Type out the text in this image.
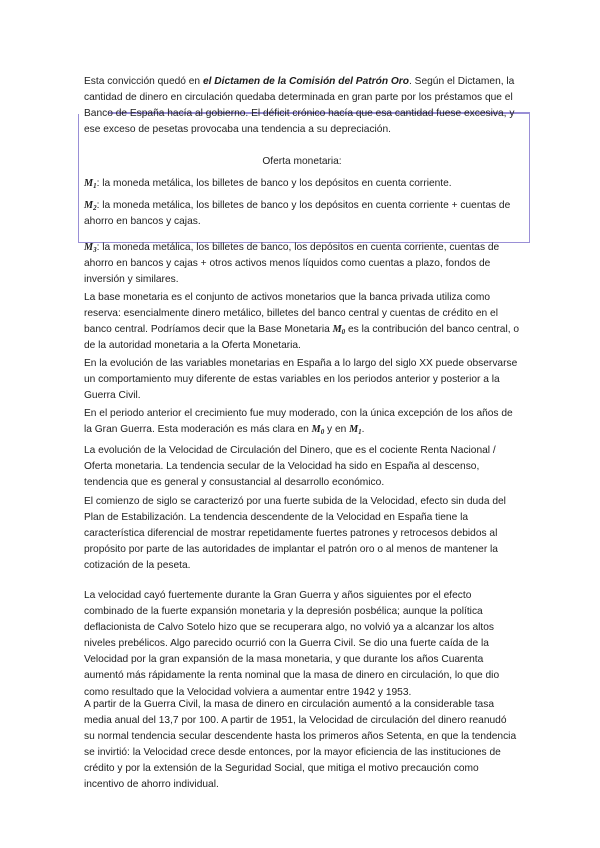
Esta convicción quedó en el Dictamen de la Comisión del Patrón Oro. Según el Dictamen, la cantidad de dinero en circulación quedaba determinada en gran parte por los préstamos que el Banco de España hacía al gobierno. El déficit crónico hacía que esa cantidad fuese excesiva, y ese exceso de pesetas provocaba una tendencia a su depreciación.

Oferta monetaria:

$M_1$: la moneda metálica, los billetes de banco y los depósitos en cuenta corriente.

$M_2$: la moneda metálica, los billetes de banco y los depósitos en cuenta corriente + cuentas de ahorro en bancos y cajas.

$M_3$: la moneda metálica, los billetes de banco, los depósitos en cuenta corriente, cuentas de ahorro en bancos y cajas + otros activos menos líquidos como cuentas a plazo, fondos de inversión y similares.

La base monetaria es el conjunto de activos monetarios que la banca privada utiliza como reserva: esencialmente dinero metálico, billetes del banco central y cuentas de crédito en el banco central. Podríamos decir que la Base Monetaria $M_0$ es la contribución del banco central, o de la autoridad monetaria a la Oferta Monetaria.

En la evolución de las variables monetarias en España a lo largo del siglo XX puede observarse un comportamiento muy diferente de estas variables en los periodos anterior y posterior a la Guerra Civil.

En el periodo anterior el crecimiento fue muy moderado, con la única excepción de los años de la Gran Guerra. Esta moderación es más clara en $M_0$ y en $M_1$.

La evolución de la Velocidad de Circulación del Dinero, que es el cociente Renta Nacional / Oferta monetaria. La tendencia secular de la Velocidad ha sido en España al descenso, tendencia que es general y consustancial al desarrollo económico.

El comienzo de siglo se caracterizó por una fuerte subida de la Velocidad, efecto sin duda del Plan de Estabilización. La tendencia descendente de la Velocidad en España tiene la característica diferencial de mostrar repetidamente fuertes patrones y retrocesos debidos al propósito por parte de las autoridades de implantar el patrón oro o al menos de mantener la cotización de la peseta.

La velocidad cayó fuertemente durante la Gran Guerra y años siguientes por el efecto combinado de la fuerte expansión monetaria y la depresión posbélica; aunque la política deflacionista de Calvo Sotelo hizo que se recuperara algo, no volvió ya a alcanzar los altos niveles prebélicos. Algo parecido ocurrió con la Guerra Civil. Se dio una fuerte caída de la Velocidad por la gran expansión de la masa monetaria, y que durante los años Cuarenta aumentó más rápidamente la renta nominal que la masa de dinero en circulación, lo que dio como resultado que la Velocidad volviera a aumentar entre 1942 y 1953.

A partir de la Guerra Civil, la masa de dinero en circulación aumentó a la considerable tasa media anual del 13,7 por 100. A partir de 1951, la Velocidad de circulación del dinero reanudó su normal tendencia secular descendente hasta los primeros años Setenta, en que la tendencia se invirtió: la Velocidad crece desde entonces, por la mayor eficiencia de las instituciones de crédito y por la extensión de la Seguridad Social, que mitiga el motivo precaución como incentivo de ahorro individual.
